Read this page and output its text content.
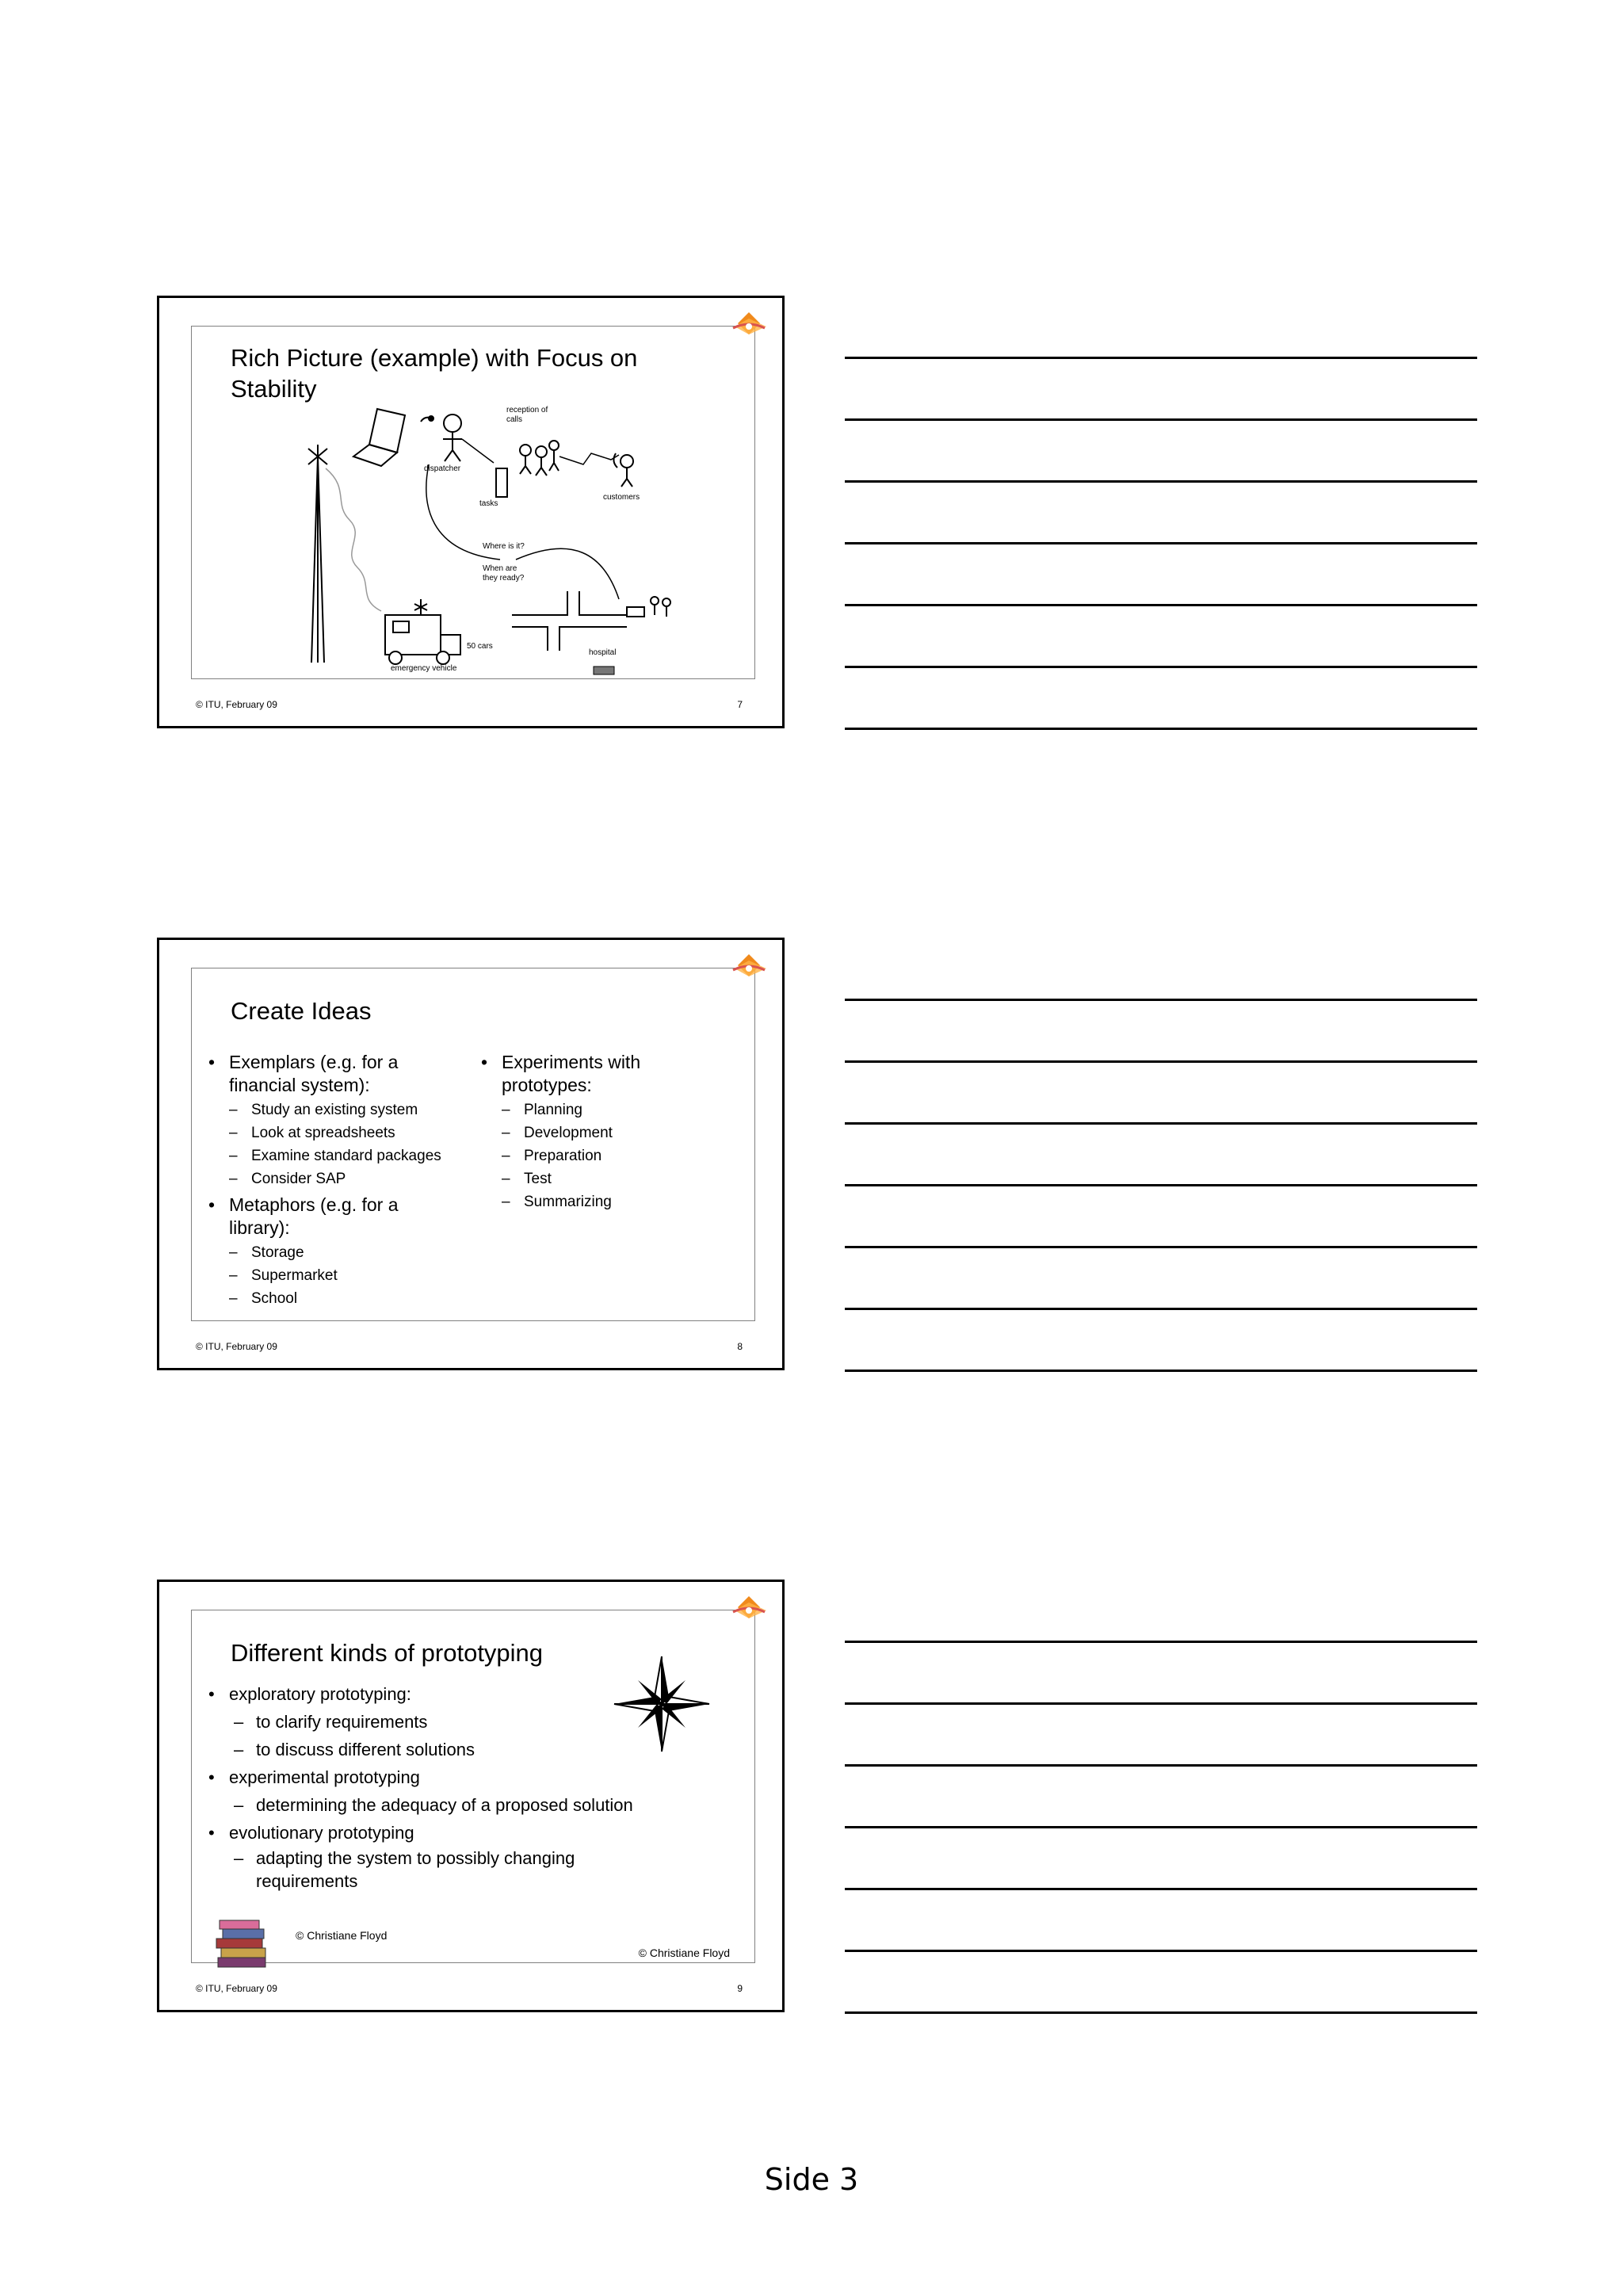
Rich Picture (example) with Focus on
Stability
reception of
calls
dispatcher
tasks
customers
Where is it?
When are
they ready?
50 cars
hospital
emergency vehicle
© ITU, February 09	7
Create Ideas
• Exemplars (e.g. for a
financial system):
– Study an existing system
– Look at spreadsheets
– Examine standard packages
– Consider SAP
• Metaphors (e.g. for a
library):
– Storage
– Supermarket
– School
• Experiments with
prototypes:
– Planning
– Development
– Preparation
– Test
– Summarizing
© ITU, February 09	8
Different kinds of prototyping
• exploratory prototyping:
– to clarify requirements
– to discuss different solutions
• experimental prototyping
– determining the adequacy of a proposed solution
• evolutionary prototyping
– adapting the system to possibly changing
requirements
© Christiane Floyd
© Christiane Floyd
© ITU, February 09	9
Side 3
